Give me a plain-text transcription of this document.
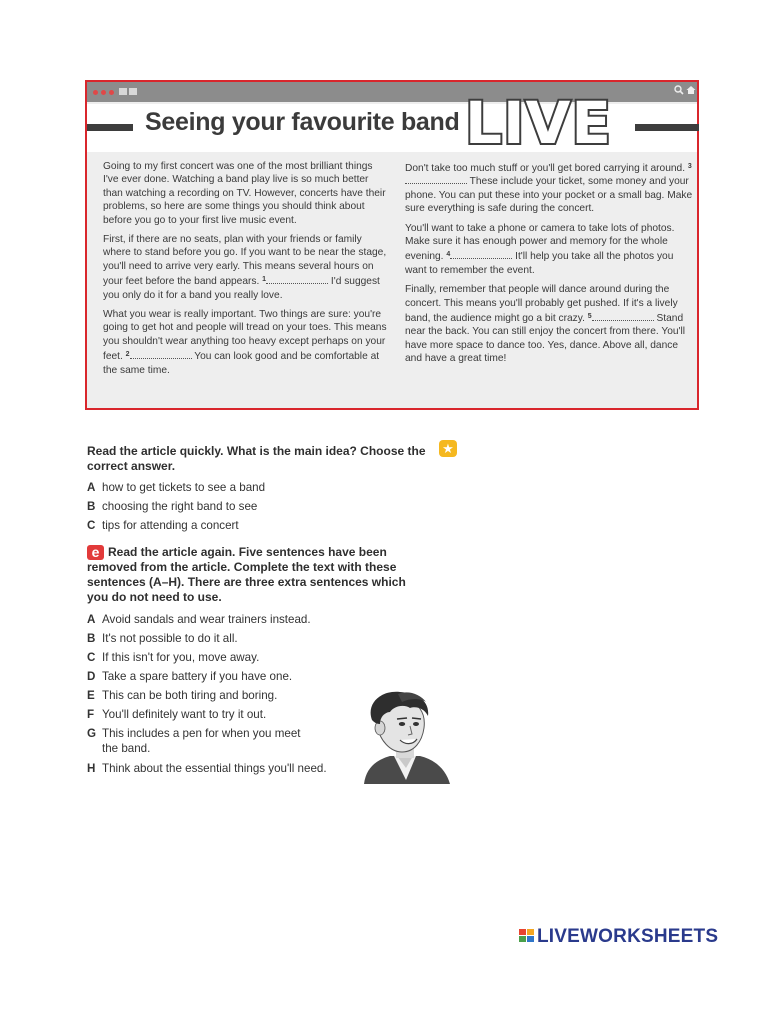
Seeing your favourite band LIVE

Going to my first concert was one of the most brilliant things I've ever done. Watching a band play live is so much better than watching a recording on TV. However, concerts have their problems, so here are some things you should think about before you go to your first live music event.

First, if there are no seats, plan with your friends or family where to stand before you go. If you want to be near the stage, you'll need to arrive very early. This means several hours on your feet before the band appears. $^1$	I'd suggest you only do it for a band you really love.

What you wear is really important. Two things are sure: you're going to get hot and people will tread on your toes. This means you shouldn't wear anything too heavy except perhaps on your feet. $^2$	You can look good and be comfortable at the same time.

Don't take too much stuff or you'll get bored carrying it around. $^3$ These include your ticket, some money and your phone. You can put these into your pocket or a small bag. Make sure everything is safe during the concert.

You'll want to take a phone or camera to take lots of photos. Make sure it has enough power and memory for the whole evening. $^4$	It'll help you take all the photos you want to remember the event.

Finally, remember that people will dance around during the concert. This means you'll probably get pushed. If it's a lively band, the audience might go a bit crazy. $^5$	Stand near the back. You can still enjoy the concert from there. You'll have more space to dance too. Yes, dance. Above all, dance and have a great time!

Read the article quickly. What is the main idea? Choose the correct answer.
★
A how to get tickets to see a band
B choosing the right band to see
C tips for attending a concert
e Read the article again. Five sentences have been removed from the article. Complete the text with these sentences (A–H). There are three extra sentences which you do not need to use.
A Avoid sandals and wear trainers instead.
B It's not possible to do it all.
C If this isn't for you, move away.
D Take a spare battery if you have one.
E This can be both tiring and boring.
F You'll definitely want to try it out.
G This includes a pen for when you meet
the band.
H Think about the essential things you'll need.
LIVEWORKSHEETS
